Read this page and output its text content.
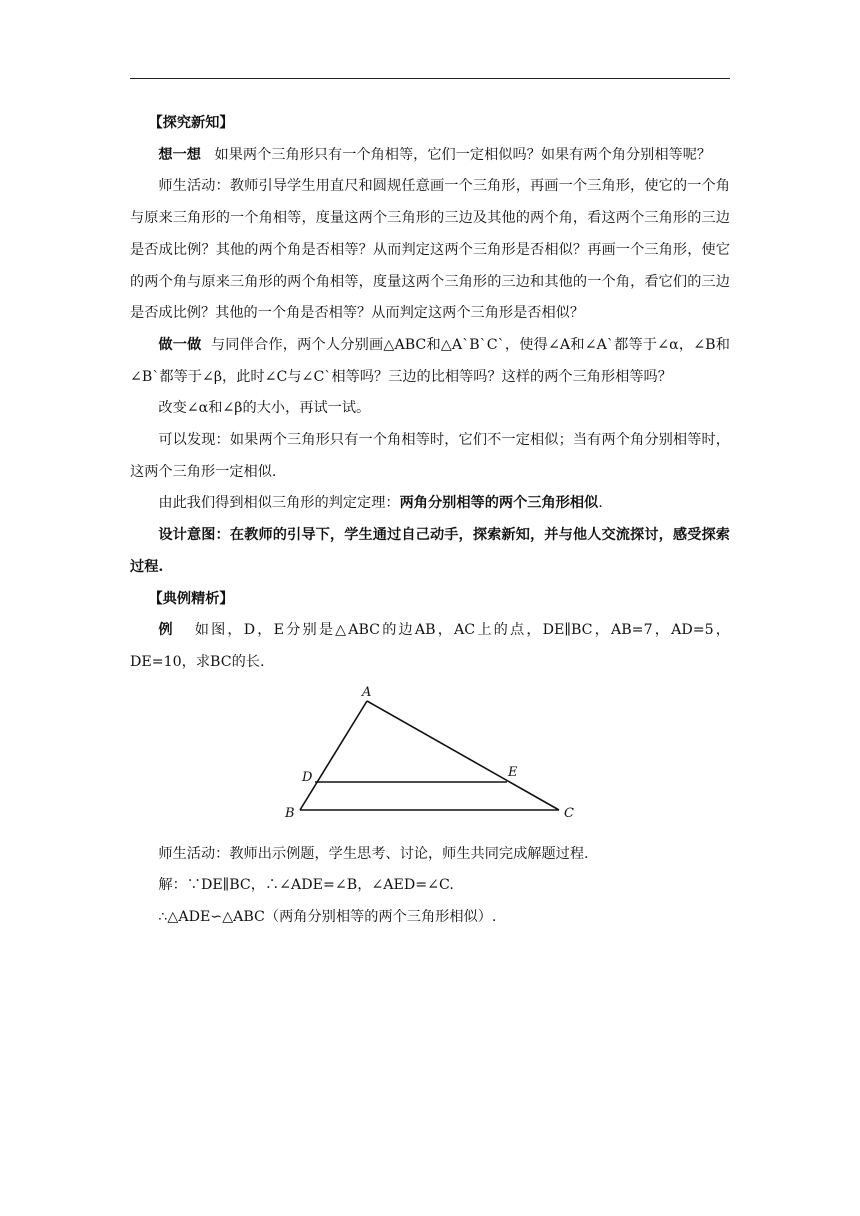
【探究新知】

想一想 如果两个三角形只有一个角相等，它们一定相似吗？如果有两个角分别相等呢？

师生活动：教师引导学生用直尺和圆规任意画一个三角形，再画一个三角形，使它的一个角与原来三角形的一个角相等，度量这两个三角形的三边及其他的两个角，看这两个三角形的三边是否成比例？其他的两个角是否相等？从而判定这两个三角形是否相似？再画一个三角形，使它的两个角与原来三角形的两个角相等，度量这两个三角形的三边和其他的一个角，看它们的三边是否成比例？其他的一个角是否相等？从而判定这两个三角形是否相似？

做一做 与同伴合作，两个人分别画△ABC和△A`B`C`，使得∠A和∠A`都等于∠α，∠B和∠B`都等于∠β，此时∠C与∠C`相等吗？三边的比相等吗？这样的两个三角形相等吗？

改变∠α和∠β的大小，再试一试。

可以发现：如果两个三角形只有一个角相等时，它们不一定相似；当有两个角分别相等时，这两个三角形一定相似.

由此我们得到相似三角形的判定定理：两角分别相等的两个三角形相似.

设计意图：在教师的引导下，学生通过自己动手，探索新知，并与他人交流探讨，感受探索过程.

【典例精析】

例 如图，D，E分别是△ABC的边AB，AC上的点，DE∥BC，AB=7，AD=5，DE=10，求BC的长.

A
B	C
D	E

师生活动：教师出示例题，学生思考、讨论，师生共同完成解题过程.

解：∵DE∥BC，∴∠ADE=∠B，∠AED=∠C.

∴△ADE∽△ABC（两角分别相等的两个三角形相似）.
